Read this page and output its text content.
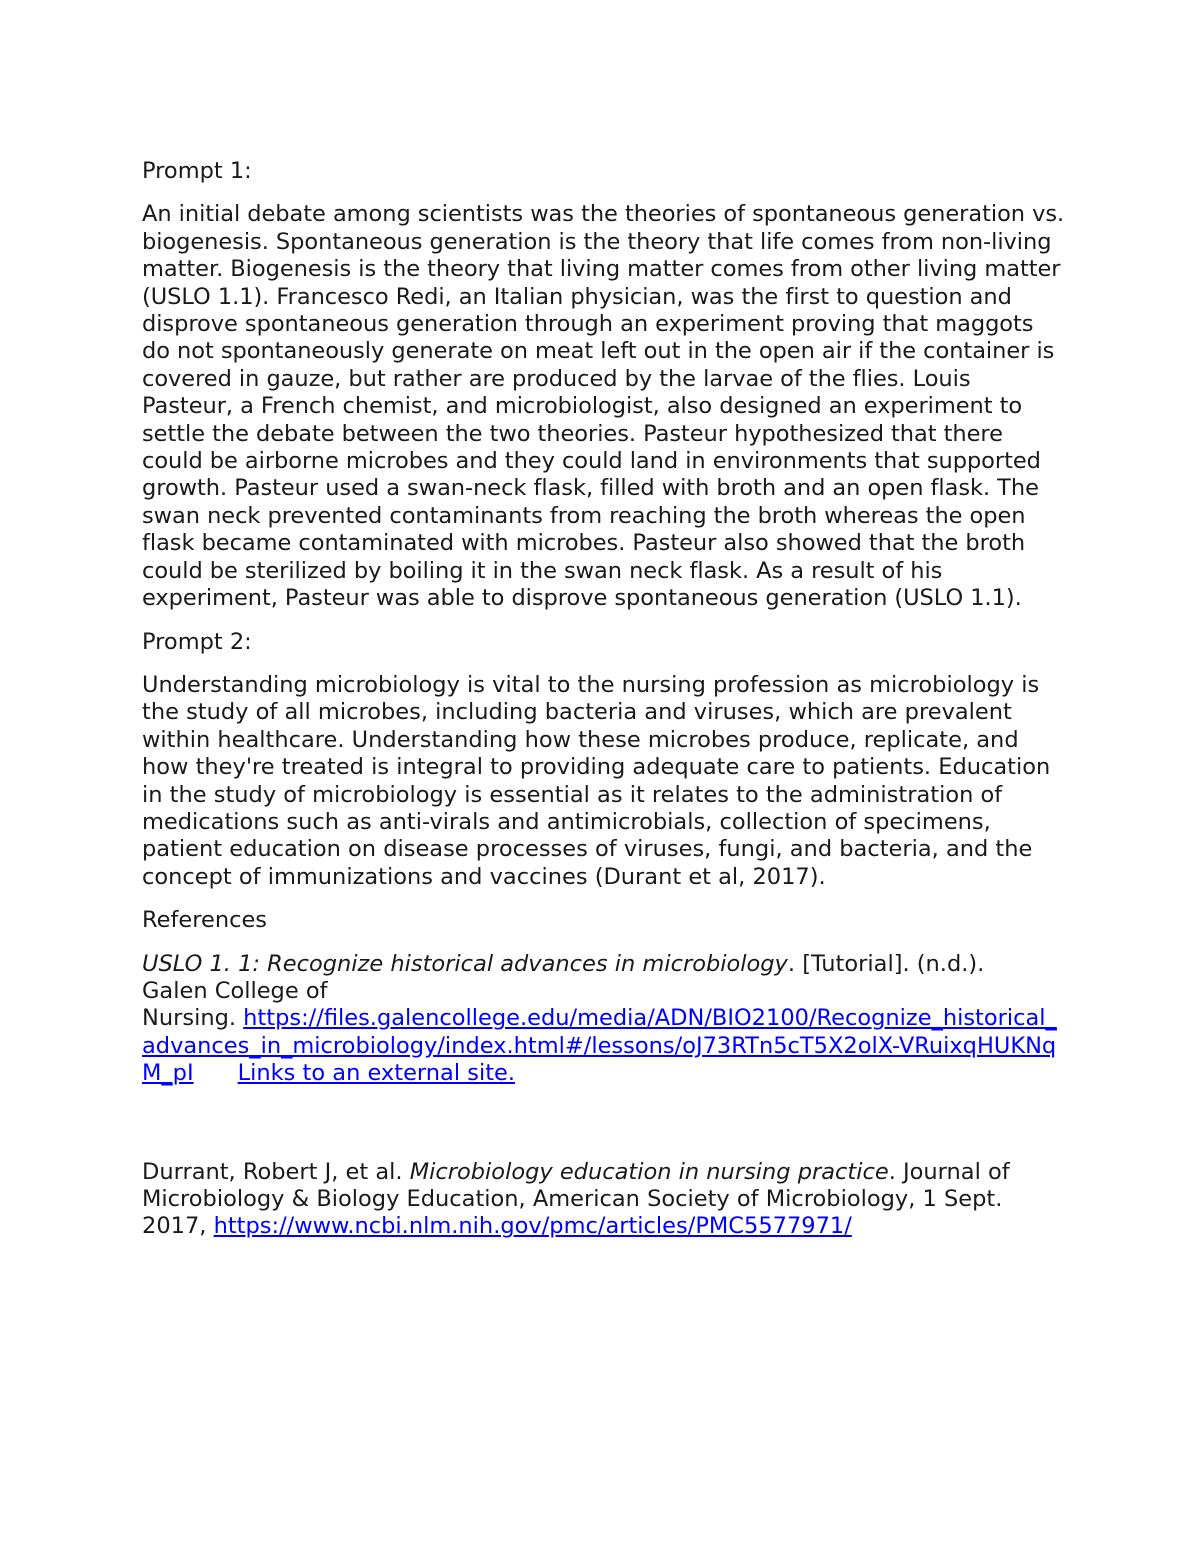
Prompt 1:
An initial debate among scientists was the theories of spontaneous generation vs. biogenesis. Spontaneous generation is the theory that life comes from non-living matter. Biogenesis is the theory that living matter comes from other living matter (USLO 1.1). Francesco Redi, an Italian physician, was the first to question and disprove spontaneous generation through an experiment proving that maggots do not spontaneously generate on meat left out in the open air if the container is covered in gauze, but rather are produced by the larvae of the flies. Louis Pasteur, a French chemist, and microbiologist, also designed an experiment to settle the debate between the two theories. Pasteur hypothesized that there could be airborne microbes and they could land in environments that supported growth. Pasteur used a swan-neck flask, filled with broth and an open flask. The swan neck prevented contaminants from reaching the broth whereas the open flask became contaminated with microbes. Pasteur also showed that the broth could be sterilized by boiling it in the swan neck flask. As a result of his experiment, Pasteur was able to disprove spontaneous generation (USLO 1.1).
Prompt 2:
Understanding microbiology is vital to the nursing profession as microbiology is the study of all microbes, including bacteria and viruses, which are prevalent within healthcare. Understanding how these microbes produce, replicate, and how they're treated is integral to providing adequate care to patients. Education in the study of microbiology is essential as it relates to the administration of medications such as anti-virals and antimicrobials, collection of specimens, patient education on disease processes of viruses, fungi, and bacteria, and the concept of immunizations and vaccines (Durant et al, 2017).
References
USLO 1. 1: Recognize historical advances in microbiology. [Tutorial]. (n.d.).
Galen College of
Nursing. https://files.galencollege.edu/media/ADN/BIO2100/Recognize_historical_advances_in_microbiology/index.html#/lessons/oJ73RTn5cT5X2olX-VRuixqHUKNqM_pI Links to an external site.
Durrant, Robert J, et al. Microbiology education in nursing practice. Journal of Microbiology & Biology Education, American Society of Microbiology, 1 Sept. 2017, https://www.ncbi.nlm.nih.gov/pmc/articles/PMC5577971/
